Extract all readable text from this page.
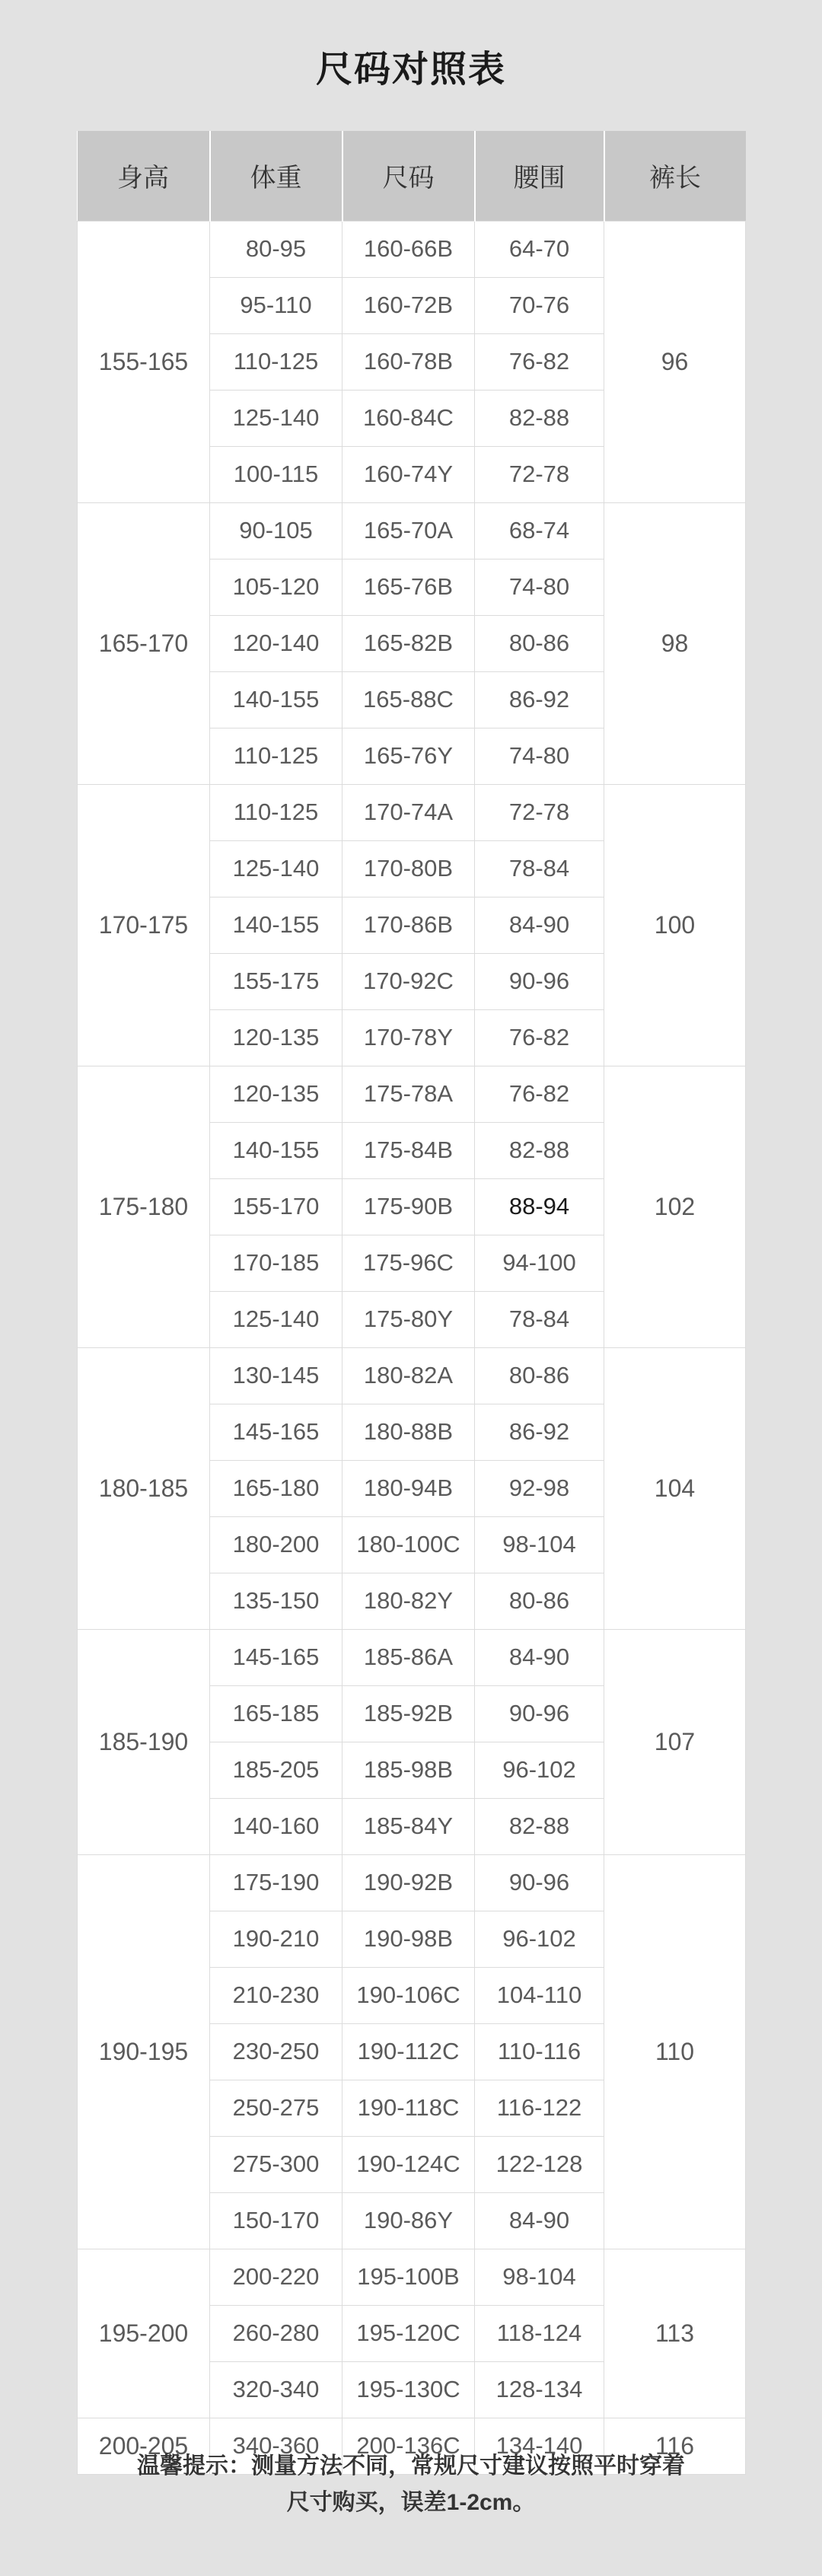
尺码对照表
身高	体重	尺码	腰围	裤长
155-165	80-95	160-66B	64-70	96
	95-110	160-72B	70-76	
	110-125	160-78B	76-82	
	125-140	160-84C	82-88	
	100-115	160-74Y	72-78	
165-170	90-105	165-70A	68-74	98
	105-120	165-76B	74-80	
	120-140	165-82B	80-86	
	140-155	165-88C	86-92	
	110-125	165-76Y	74-80	
170-175	110-125	170-74A	72-78	100
	125-140	170-80B	78-84	
	140-155	170-86B	84-90	
	155-175	170-92C	90-96	
	120-135	170-78Y	76-82	
175-180	120-135	175-78A	76-82	102
	140-155	175-84B	82-88	
	155-170	175-90B	88-94	
	170-185	175-96C	94-100	
	125-140	175-80Y	78-84	
180-185	130-145	180-82A	80-86	104
	145-165	180-88B	86-92	
	165-180	180-94B	92-98	
	180-200	180-100C	98-104	
	135-150	180-82Y	80-86	
185-190	145-165	185-86A	84-90	107
	165-185	185-92B	90-96	
	185-205	185-98B	96-102	
	140-160	185-84Y	82-88	
190-195	175-190	190-92B	90-96	110
	190-210	190-98B	96-102	
	210-230	190-106C	104-110	
	230-250	190-112C	110-116	
	250-275	190-118C	116-122	
	275-300	190-124C	122-128	
	150-170	190-86Y	84-90	
195-200	200-220	195-100B	98-104	113
	260-280	195-120C	118-124	
	320-340	195-130C	128-134	
200-205	340-360	200-136C	134-140	116
温馨提示：测量方法不同，常规尺寸建议按照平时穿着
尺寸购买，误差1-2cm。
